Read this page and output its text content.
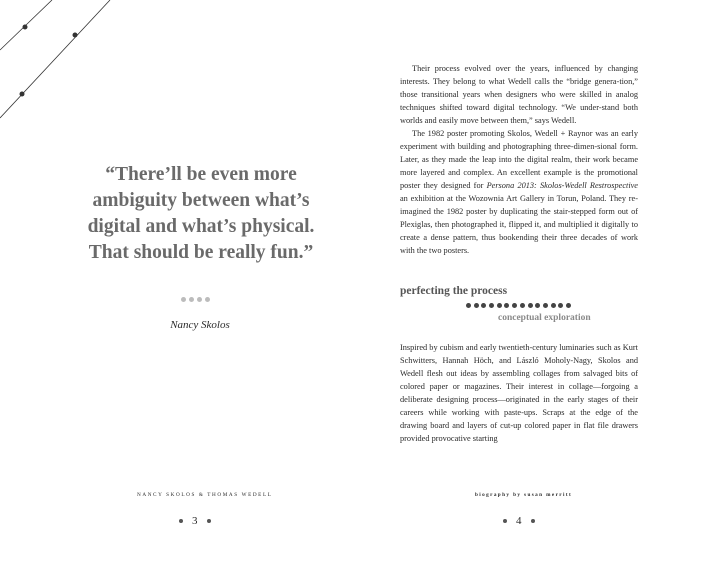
“There’ll be even more ambiguity between what’s digital and what’s physical. That should be really fun.”
Nancy Skolos
NANCY SKOLOS & THOMAS WEDELL
3

Their process evolved over the years, influenced by changing interests. They belong to what Wedell calls the “bridge genera-tion,” those transitional years when designers who were skilled in analog techniques shifted toward digital technology. “We under-stand both worlds and easily move between them,” says Wedell.

The 1982 poster promoting Skolos, Wedell + Raynor was an early experiment with building and photographing three-dimen-sional form. Later, as they made the leap into the digital realm, their work became more layered and complex. An excellent example is the promotional poster they designed for Persona 2013: Skolos-Wedell Restrospective an exhibition at the Wozownia Art Gallery in Torun, Poland. They re-imagined the 1982 poster by duplicating the stair-stepped form out of Plexiglas, then photographed it, flipped it, and multiplied it digitally to create a dense pattern, thus bookending their three decades of work with the two posters.

perfecting the process
conceptual exploration

Inspired by cubism and early twentieth-century luminaries such as Kurt Schwitters, Hannah Höch, and László Moholy-Nagy, Skolos and Wedell flesh out ideas by assembling collages from salvaged bits of colored paper or magazines. Their interest in collage—forgoing a deliberate designing process—originated in the early stages of their careers while working with paste-ups. Scraps at the edge of the drawing board and layers of cut-up colored paper in flat file drawers provided provocative starting

biography by susan merritt
4
